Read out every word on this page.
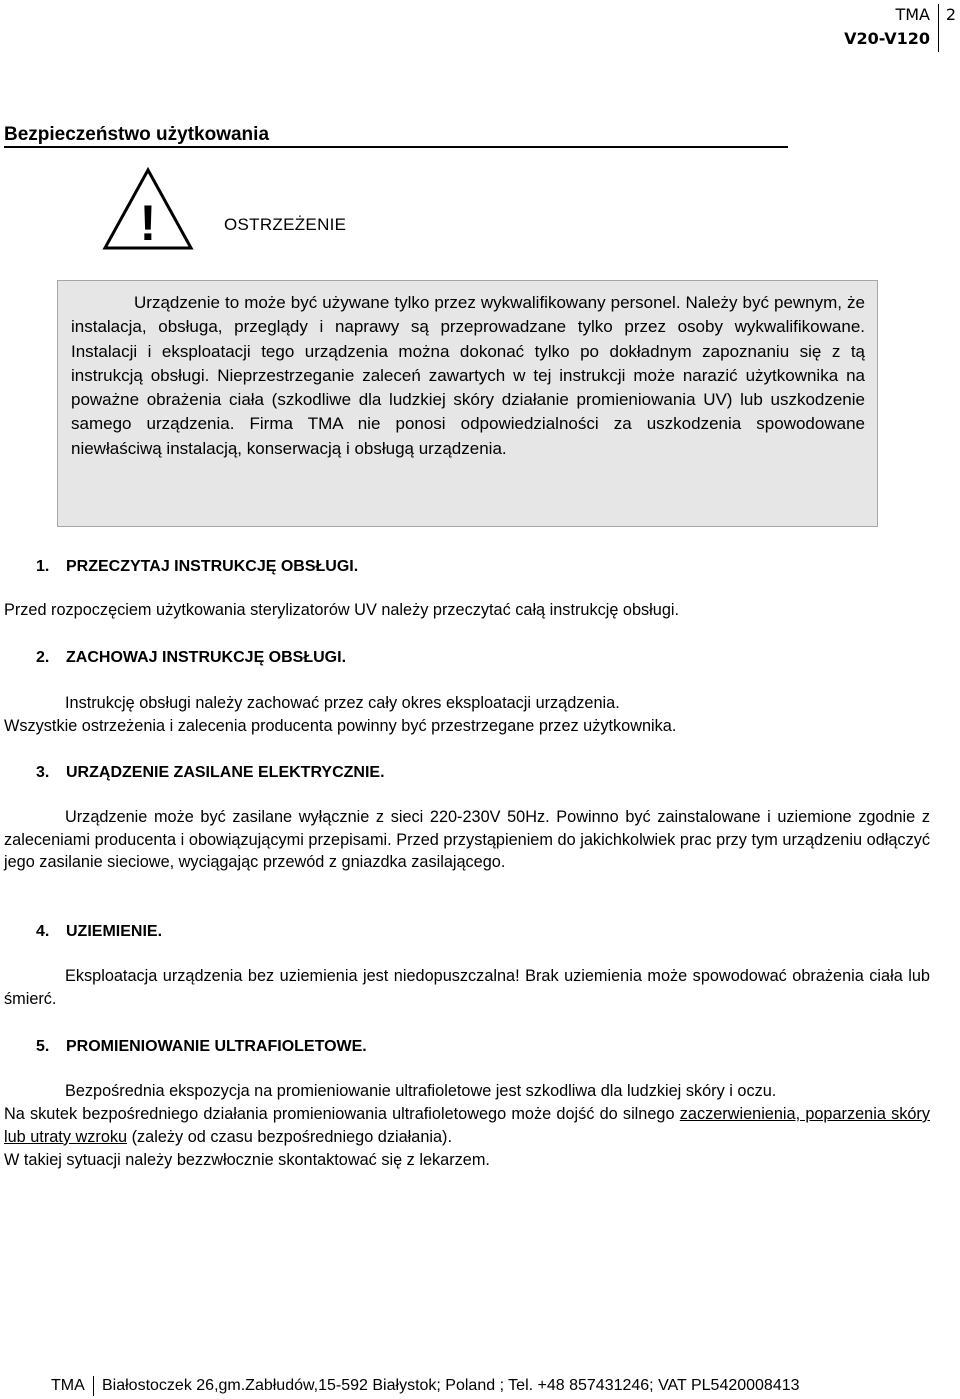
TMA
V20-V120
2
Bezpieczeństwo użytkowania
!	OSTRZEŻENIE

Urządzenie to może być używane tylko przez wykwalifikowany personel. Należy być pewnym, że instalacja, obsługa, przeglądy i naprawy są przeprowadzane tylko przez osoby wykwalifikowane. Instalacji i eksploatacji tego urządzenia można dokonać tylko po dokładnym zapoznaniu się z tą instrukcją obsługi. Nieprzestrzeganie zaleceń zawartych w tej instrukcji może narazić użytkownika na poważne obrażenia ciała (szkodliwe dla ludzkiej skóry działanie promieniowania UV) lub uszkodzenie samego urządzenia. Firma TMA nie ponosi odpowiedzialności za uszkodzenia spowodowane niewłaściwą instalacją, konserwacją i obsługą urządzenia.

1.	PRZECZYTAJ INSTRUKCJĘ OBSŁUGI.

Przed rozpoczęciem użytkowania sterylizatorów UV należy przeczytać całą instrukcję obsługi.

2.	ZACHOWAJ INSTRUKCJĘ OBSŁUGI.

Instrukcję obsługi należy zachować przez cały okres eksploatacji urządzenia.

Wszystkie ostrzeżenia i zalecenia producenta powinny być przestrzegane przez użytkownika.

3.	URZĄDZENIE ZASILANE ELEKTRYCZNIE.

Urządzenie może być zasilane wyłącznie z sieci 220-230V 50Hz. Powinno być zainstalowane i uziemione zgodnie z zaleceniami producenta i obowiązującymi przepisami. Przed przystąpieniem do jakichkolwiek prac przy tym urządzeniu odłączyć jego zasilanie sieciowe, wyciągając przewód z gniazdka zasilającego.

4.	UZIEMIENIE.

Eksploatacja urządzenia bez uziemienia jest niedopuszczalna! Brak uziemienia może spowodować obrażenia ciała lub śmierć.

5.	PROMIENIOWANIE ULTRAFIOLETOWE.

Bezpośrednia ekspozycja na promieniowanie ultrafioletowe jest szkodliwa dla ludzkiej skóry i oczu.

Na skutek bezpośredniego działania promieniowania ultrafioletowego może dojść do silnego zaczerwienienia, poparzenia skóry lub utraty wzroku (zależy od czasu bezpośredniego działania).

W takiej sytuacji należy bezzwłocznie skontaktować się z lekarzem.

TMA Białostoczek 26,gm.Zabłudów,15-592 Białystok; Poland ; Tel. +48 857431246; VAT PL5420008413
